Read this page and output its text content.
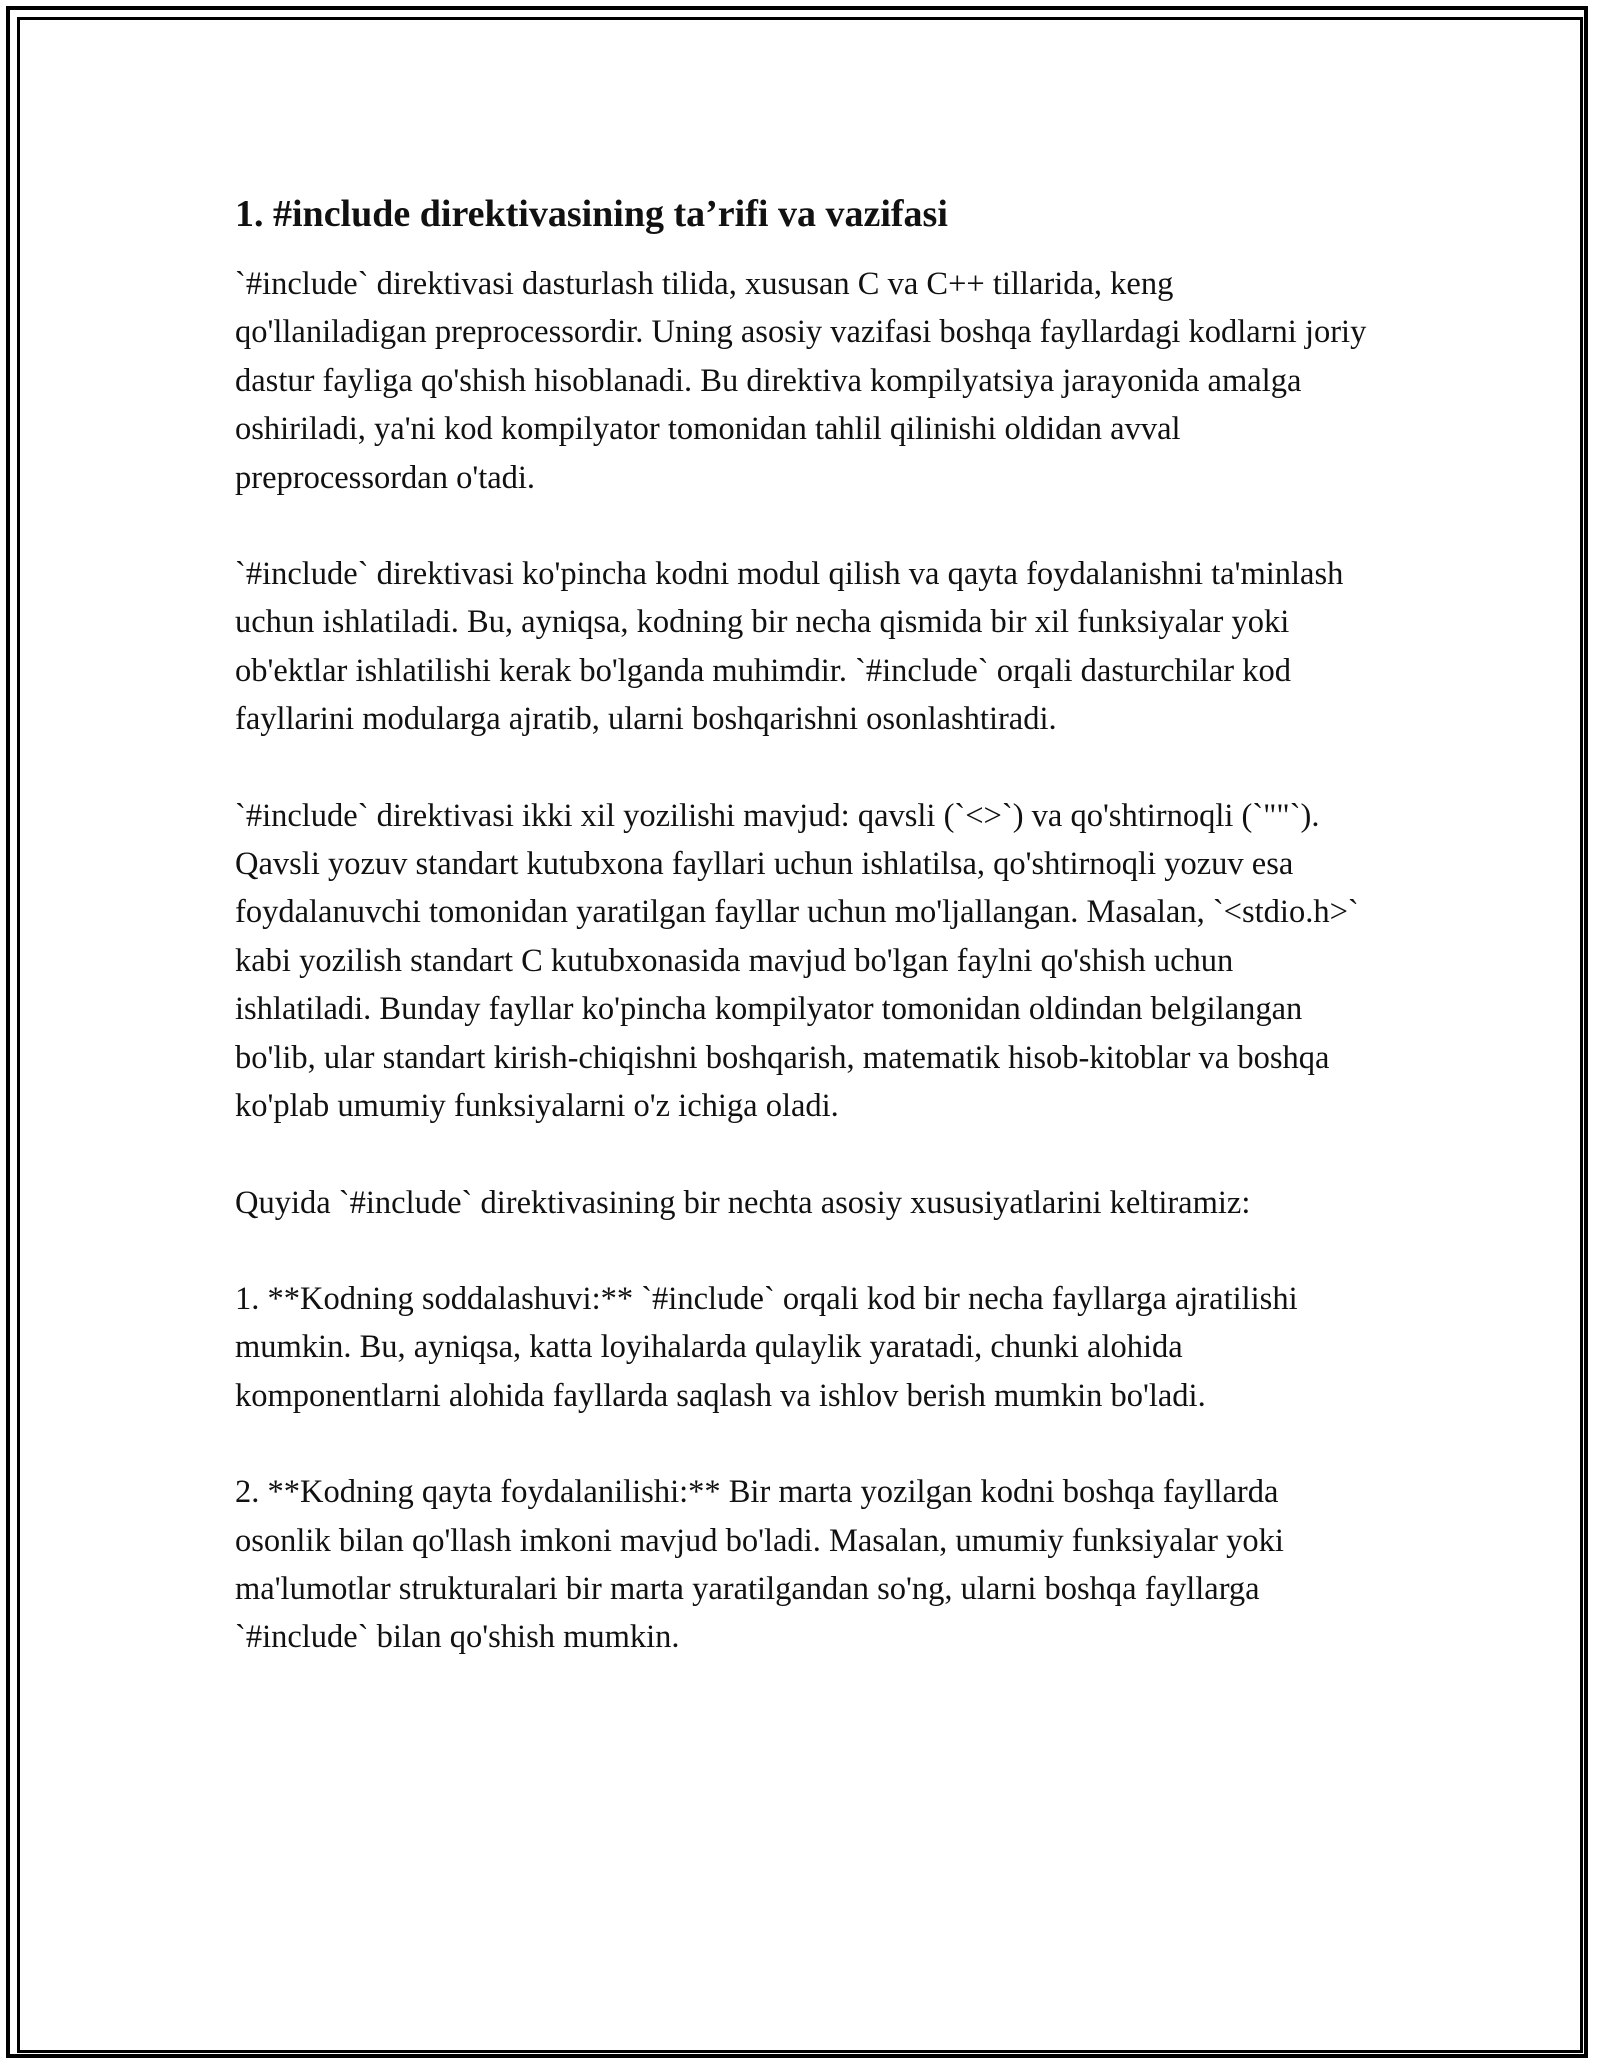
1. #include direktivasining ta’rifi va vazifasi

`#include` direktivasi dasturlash tilida, xususan C va C++ tillarida, keng qo'llaniladigan preprocessordir. Uning asosiy vazifasi boshqa fayllardagi kodlarni joriy dastur fayliga qo'shish hisoblanadi. Bu direktiva kompilyatsiya jarayonida amalga oshiriladi, ya'ni kod kompilyator tomonidan tahlil qilinishi oldidan avval preprocessordan o'tadi.

`#include` direktivasi ko'pincha kodni modul qilish va qayta foydalanishni ta'minlash uchun ishlatiladi. Bu, ayniqsa, kodning bir necha qismida bir xil funksiyalar yoki ob'ektlar ishlatilishi kerak bo'lganda muhimdir. `#include` orqali dasturchilar kod fayllarini modularga ajratib, ularni boshqarishni osonlashtiradi.

`#include` direktivasi ikki xil yozilishi mavjud: qavsli (`<>`) va qo'shtirnoqli (`""`). Qavsli yozuv standart kutubxona fayllari uchun ishlatilsa, qo'shtirnoqli yozuv esa foydalanuvchi tomonidan yaratilgan fayllar uchun mo'ljallangan. Masalan, `<stdio.h>` kabi yozilish standart C kutubxonasida mavjud bo'lgan faylni qo'shish uchun ishlatiladi. Bunday fayllar ko'pincha kompilyator tomonidan oldindan belgilangan bo'lib, ular standart kirish-chiqishni boshqarish, matematik hisob-kitoblar va boshqa ko'plab umumiy funksiyalarni o'z ichiga oladi.

Quyida `#include` direktivasining bir nechta asosiy xususiyatlarini keltiramiz:

1. **Kodning soddalashuvi:** `#include` orqali kod bir necha fayllarga ajratilishi mumkin. Bu, ayniqsa, katta loyihalarda qulaylik yaratadi, chunki alohida komponentlarni alohida fayllarda saqlash va ishlov berish mumkin bo'ladi.

2. **Kodning qayta foydalanilishi:** Bir marta yozilgan kodni boshqa fayllarda osonlik bilan qo'llash imkoni mavjud bo'ladi. Masalan, umumiy funksiyalar yoki ma'lumotlar strukturalari bir marta yaratilgandan so'ng, ularni boshqa fayllarga `#include` bilan qo'shish mumkin.
